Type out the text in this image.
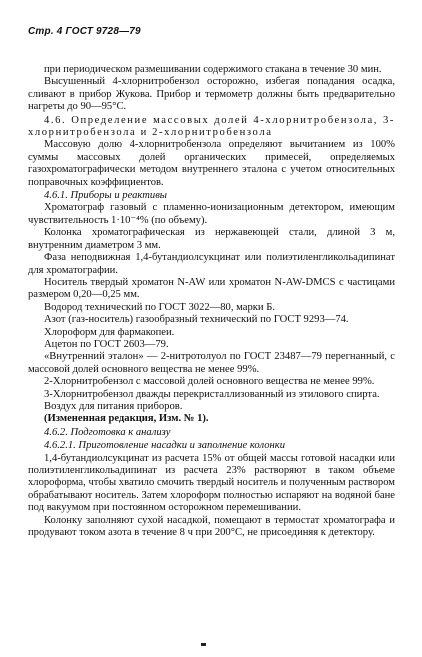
Стр. 4 ГОСТ 9728—79

при периодическом размешивании содержимого стакана в течение 30 мин.

Высушенный 4-хлорнитробензол осторожно, избегая попадания осадка, сливают в прибор Жукова. Прибор и термометр должны быть предварительно нагреты до 90—95°С.

4.6. Определение массовых долей 4-хлорнитробензола, 3-хлорнитробензола и 2-хлорнитробензола

Массовую долю 4-хлорнитробензола определяют вычитанием из 100% суммы массовых долей органических примесей, определяемых газохроматографически методом внутреннего эталона с учетом относительных поправочных коэффициентов.

4.6.1. Приборы и реактивы

Хроматограф газовый с пламенно-ионизационным детектором, имеющим чувствительность 1·10⁻⁴% (по объему).

Колонка хроматографическая из нержавеющей стали, длиной 3 м, внутренним диаметром 3 мм.

Фаза неподвижная 1,4-бутандиолсукцинат или полиэтиленгликольадипинат для хроматографии.

Носитель твердый хроматон N-AW или хроматон N-AW-DMCS с частицами размером 0,20—0,25 мм.

Водород технический по ГОСТ 3022—80, марки Б.

Азот (газ-носитель) газообразный технический по ГОСТ 9293—74.

Хлороформ для фармакопеи.

Ацетон по ГОСТ 2603—79.

«Внутренний эталон» — 2-нитротолуол по ГОСТ 23487—79 перегнанный, с массовой долей основного вещества не менее 99%.

2-Хлорнитробензол с массовой долей основного вещества не менее 99%.

3-Хлорнитробензол дважды перекристаллизованный из этилового спирта.

Воздух для питания приборов.

(Измененная редакция, Изм. № 1).

4.6.2. Подготовка к анализу

4.6.2.1. Приготовление насадки и заполнение колонки

1,4-бутандиолсукцинат из расчета 15% от общей массы готовой насадки или полиэтиленгликольадипинат из расчета 23% растворяют в таком объеме хлороформа, чтобы хватило смочить твердый носитель и полученным раствором обрабатывают носитель. Затем хлороформ полностью испаряют на водяной бане под вакуумом при постоянном осторожном перемешивании.

Колонку заполняют сухой насадкой, помещают в термостат хроматографа и продувают током азота в течение 8 ч при 200°С, не присоединяя к детектору.
